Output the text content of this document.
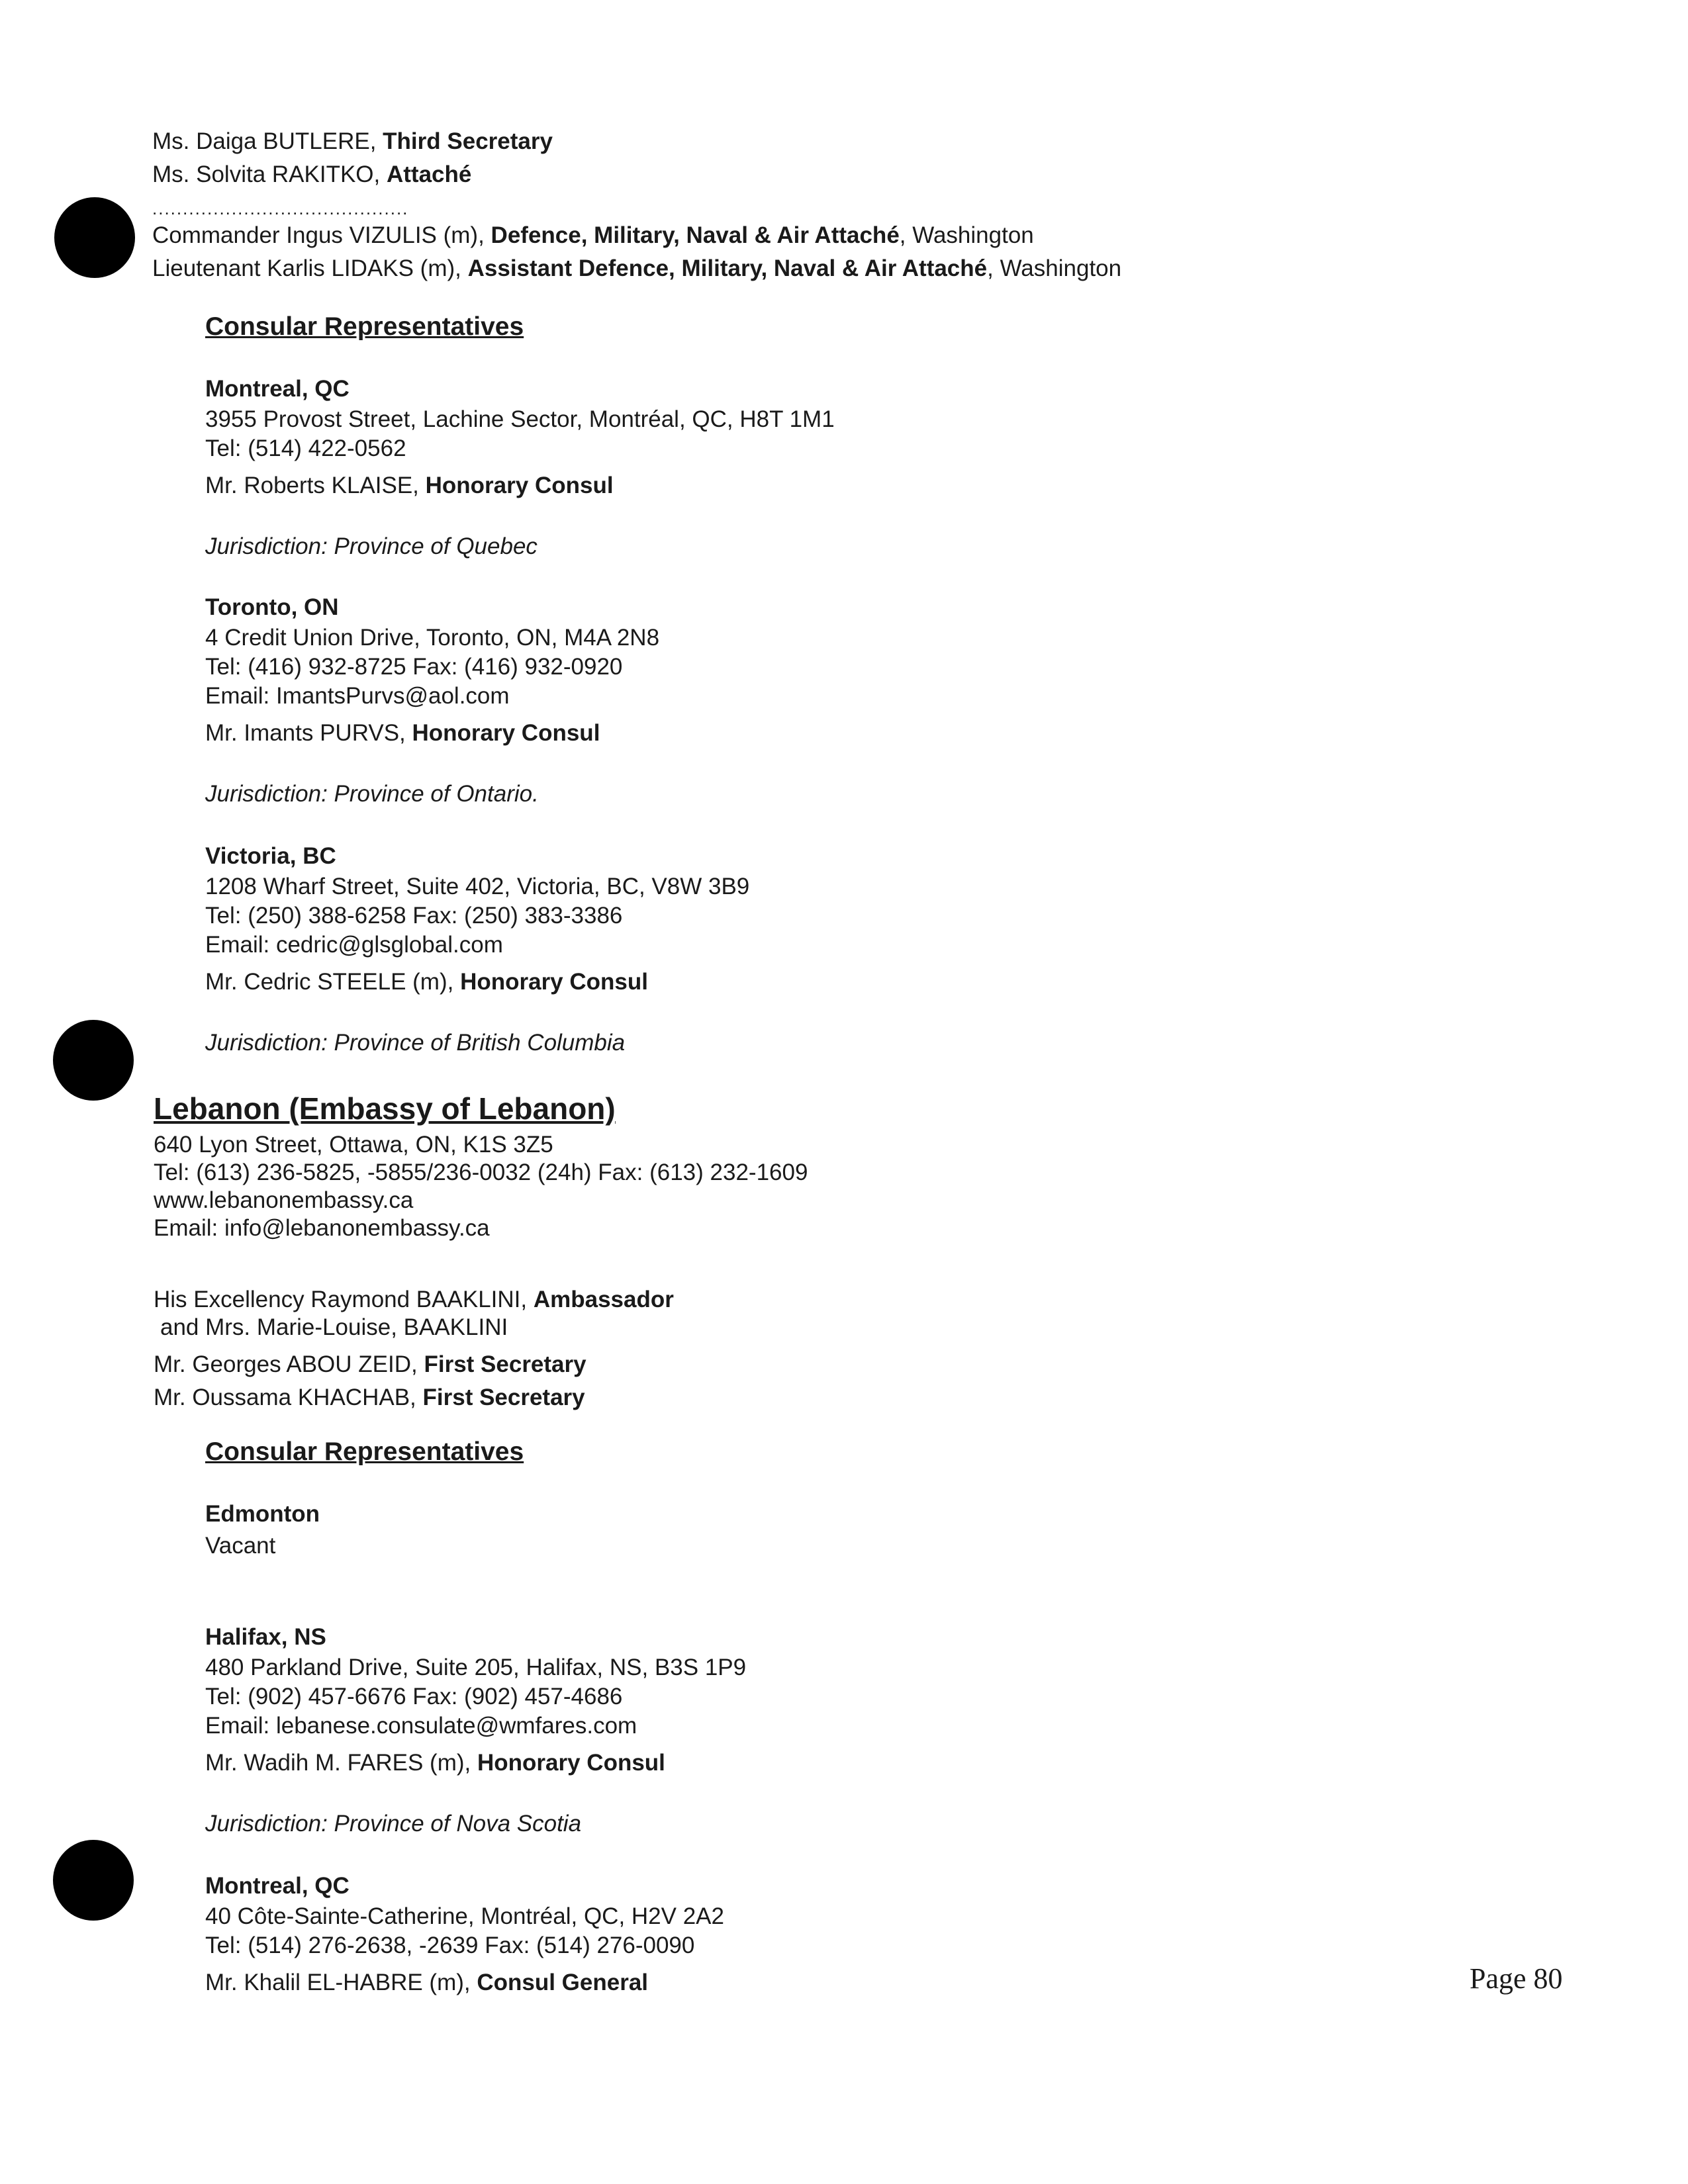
Ms. Daiga BUTLERE, Third Secretary
Ms. Solvita RAKITKO, Attaché
..........................................
Commander Ingus VIZULIS (m), Defence, Military, Naval & Air Attaché, Washington
Lieutenant Karlis LIDAKS (m), Assistant Defence, Military, Naval & Air Attaché, Washington
Consular Representatives
Montreal, QC
3955 Provost Street, Lachine Sector, Montréal, QC, H8T 1M1
Tel: (514) 422-0562
Mr. Roberts KLAISE, Honorary Consul
Jurisdiction: Province of Quebec
Toronto, ON
4 Credit Union Drive, Toronto, ON, M4A 2N8
Tel: (416) 932-8725 Fax: (416) 932-0920
Email: ImantsPurvs@aol.com
Mr. Imants PURVS, Honorary Consul
Jurisdiction: Province of Ontario.
Victoria, BC
1208 Wharf Street, Suite 402, Victoria, BC, V8W 3B9
Tel: (250) 388-6258 Fax: (250) 383-3386
Email: cedric@glsglobal.com
Mr. Cedric STEELE (m), Honorary Consul
Jurisdiction: Province of British Columbia
Lebanon (Embassy of Lebanon)
640 Lyon Street, Ottawa, ON, K1S 3Z5
Tel: (613) 236-5825, -5855/236-0032 (24h) Fax: (613) 232-1609
www.lebanonembassy.ca
Email: info@lebanonembassy.ca
His Excellency Raymond BAAKLINI, Ambassador
and Mrs. Marie-Louise, BAAKLINI
Mr. Georges ABOU ZEID, First Secretary
Mr. Oussama KHACHAB, First Secretary
Consular Representatives
Edmonton
Vacant
Halifax, NS
480 Parkland Drive, Suite 205, Halifax, NS, B3S 1P9
Tel: (902) 457-6676 Fax: (902) 457-4686
Email: lebanese.consulate@wmfares.com
Mr. Wadih M. FARES (m), Honorary Consul
Jurisdiction: Province of Nova Scotia
Montreal, QC
40 Côte-Sainte-Catherine, Montréal, QC, H2V 2A2
Tel: (514) 276-2638, -2639 Fax: (514) 276-0090
Mr. Khalil EL-HABRE (m), Consul General	Page 80
